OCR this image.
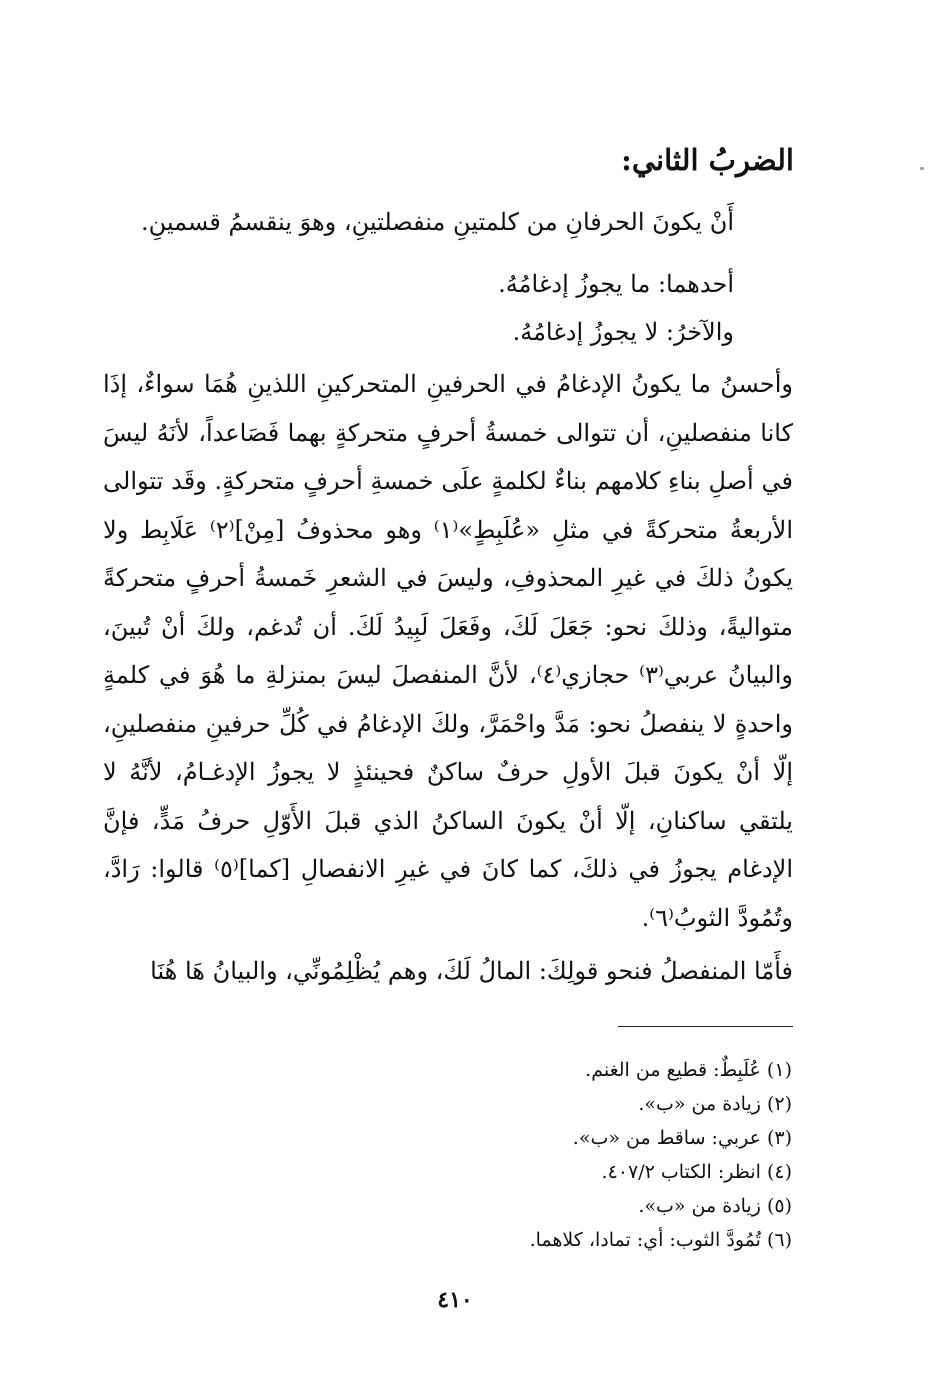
الضربُ الثاني:
أَنْ يكونَ الحرفانِ من كلمتينِ منفصلتينِ، وهوَ ينقسمُ قسمينِ.
أحدهما: ما يجوزُ إدغامُهُ.
والآخرُ: لا يجوزُ إدغامُهُ.
وأحسنُ ما يكونُ الإدغامُ في الحرفينِ المتحركينِ اللذينِ هُمَا سواءٌ، إذَا كانا منفصلينِ، أن تتوالى خمسةُ أحرفٍ متحركةٍ بهما فَصَاعداً، لأنَهُ ليسَ في أصلِ بناءِ كلامهم بناءٌ لكلمةٍ علَى خمسةِ أحرفٍ متحركةٍ. وقَد تتوالى الأربعةُ متحركةً في مثلِ «عُلَبِطٍ»⁽١⁾ وهو محذوفُ [مِنْ]⁽٢⁾ عَلَابِط ولا يكونُ ذلكَ في غيرِ المحذوفِ، وليسَ في الشعرِ خَمسةُ أحرفٍ متحركةً متواليةً، وذلكَ نحو: جَعَلَ لَكَ، وفَعَلَ لَبِيدُ لَكَ. أن تُدغم، ولكَ أنْ تُبينَ، والبيانُ عربي⁽٣⁾ حجازي⁽٤⁾، لأنَّ المنفصلَ ليسَ بمنزلةِ ما هُوَ في كلمةٍ واحدةٍ لا ينفصلُ نحو: مَدَّ واحْمَرَّ، ولكَ الإدغامُ في كُلِّ حرفينِ منفصلينِ، إلّا أنْ يكونَ قبلَ الأولِ حرفٌ ساكنٌ فحينئذٍ لا يجوزُ الإدغـامُ، لأنَّهُ لا يلتقي ساكنانِ، إلّا أنْ يكونَ الساكنُ الذي قبلَ الأَوّلِ حرفُ مَدٍّ، فإنَّ الإدغام يجوزُ في ذلكَ، كما كانَ في غيرِ الانفصالِ [كما]⁽٥⁾ قالوا: رَادَّ، وتُمُودَّ الثوبُ⁽٦⁾.
فأَمّا المنفصلُ فنحو قولِكَ: المالُ لَكَ، وهم يُظْلِمُونِّي، والبيانُ هَا هُنَا
(١) عُلَبِطٌ: قطيع من الغنم.
(٢) زيادة من «ب».
(٣) عربي: ساقط من «ب».
(٤) انظر: الكتاب ٤٠٧/٢.
(٥) زيادة من «ب».
(٦) تُمُودَّ الثوب: أي: تمادا، كلاهما.
٤١٠
